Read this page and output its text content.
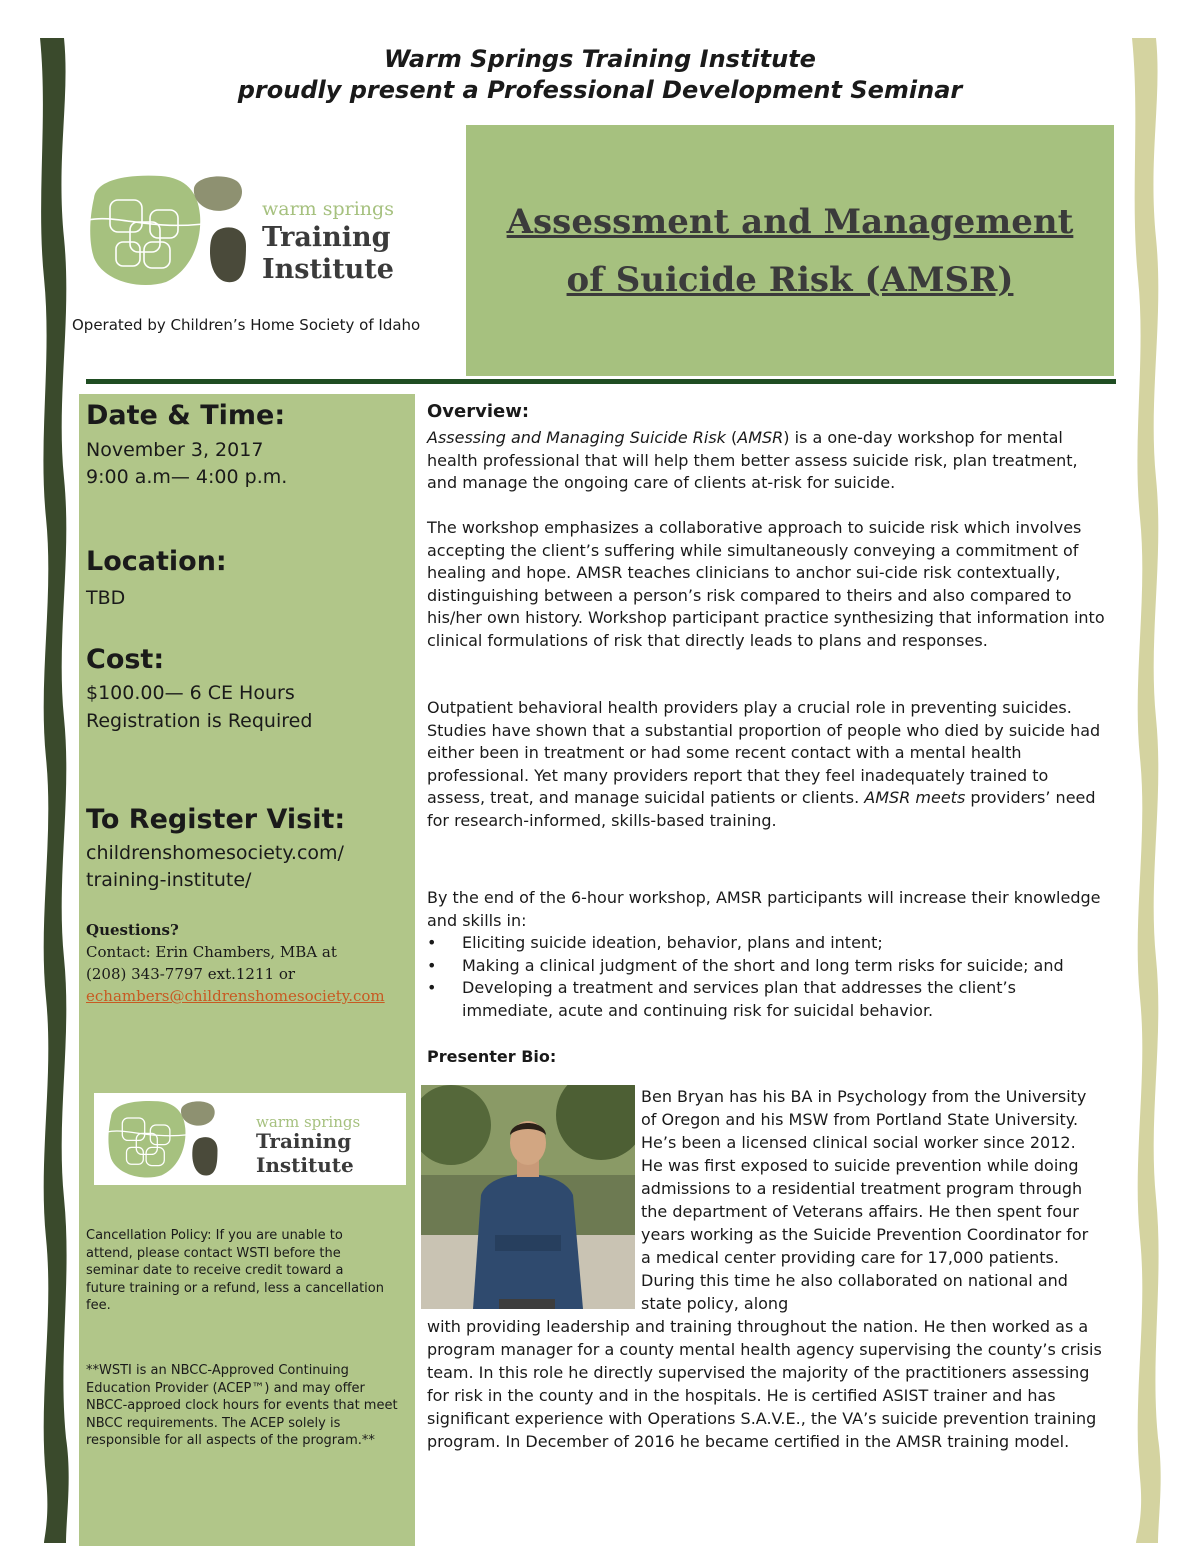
Warm Springs Training Institute
proudly present a Professional Development Seminar
warm springs
Training
Institute
Operated by Children’s Home Society of Idaho
Assessment and Management
of Suicide Risk (AMSR)
Date & Time:
November 3, 2017
9:00 a.m— 4:00 p.m.
Location:
TBD
Cost:
$100.00— 6 CE Hours
Registration is Required
To Register Visit:
childrenshomesociety.com/
training-institute/
Questions?
Contact: Erin Chambers, MBA at
(208) 343-7797 ext.1211 or
echambers@childrenshomesociety.com
warm springs
Training
Institute
Cancellation Policy: If you are unable to attend, please contact WSTI before the seminar date to receive credit toward a future training or a refund, less a cancellation fee.
**WSTI is an NBCC-Approved Continuing Education Provider (ACEP™) and may offer NBCC-approed clock hours for events that meet NBCC requirements. The ACEP solely is responsible for all aspects of the program.**
Overview:
Assessing and Managing Suicide Risk (AMSR) is a one-day workshop for mental health professional that will help them better assess suicide risk, plan treatment, and manage the ongoing care of clients at-risk for suicide.
The workshop emphasizes a collaborative approach to suicide risk which involves accepting the client’s suffering while simultaneously conveying a commitment of healing and hope. AMSR teaches clinicians to anchor sui-cide risk contextually, distinguishing between a person’s risk compared to theirs and also compared to his/her own history. Workshop participant practice synthesizing that information into clinical formulations of risk that directly leads to plans and responses.
Outpatient behavioral health providers play a crucial role in preventing suicides. Studies have shown that a substantial proportion of people who died by suicide had either been in treatment or had some recent contact with a mental health professional. Yet many providers report that they feel inadequately trained to assess, treat, and manage suicidal patients or clients. AMSR meets providers’ need for research-informed, skills-based training.
By the end of the 6-hour workshop, AMSR participants will increase their knowledge and skills in:
• Eliciting suicide ideation, behavior, plans and intent;
• Making a clinical judgment of the short and long term risks for suicide; and
• Developing a treatment and services plan that addresses the client’s immediate, acute and continuing risk for suicidal behavior.
Presenter Bio:
Ben Bryan has his BA in Psychology from the University of Oregon and his MSW from Portland State University. He’s been a licensed clinical social worker since 2012. He was first exposed to suicide prevention while doing admissions to a residential treatment program through the department of Veterans affairs. He then spent four years working as the Suicide Prevention Coordinator for a medical center providing care for 17,000 patients. During this time he also collaborated on national and state policy, along
with providing leadership and training throughout the nation. He then worked as a program manager for a county mental health agency supervising the county’s crisis team. In this role he directly supervised the majority of the practitioners assessing for risk in the county and in the hospitals. He is certified ASIST trainer and has significant experience with Operations S.A.V.E., the VA’s suicide prevention training program. In December of 2016 he became certified in the AMSR training model.
